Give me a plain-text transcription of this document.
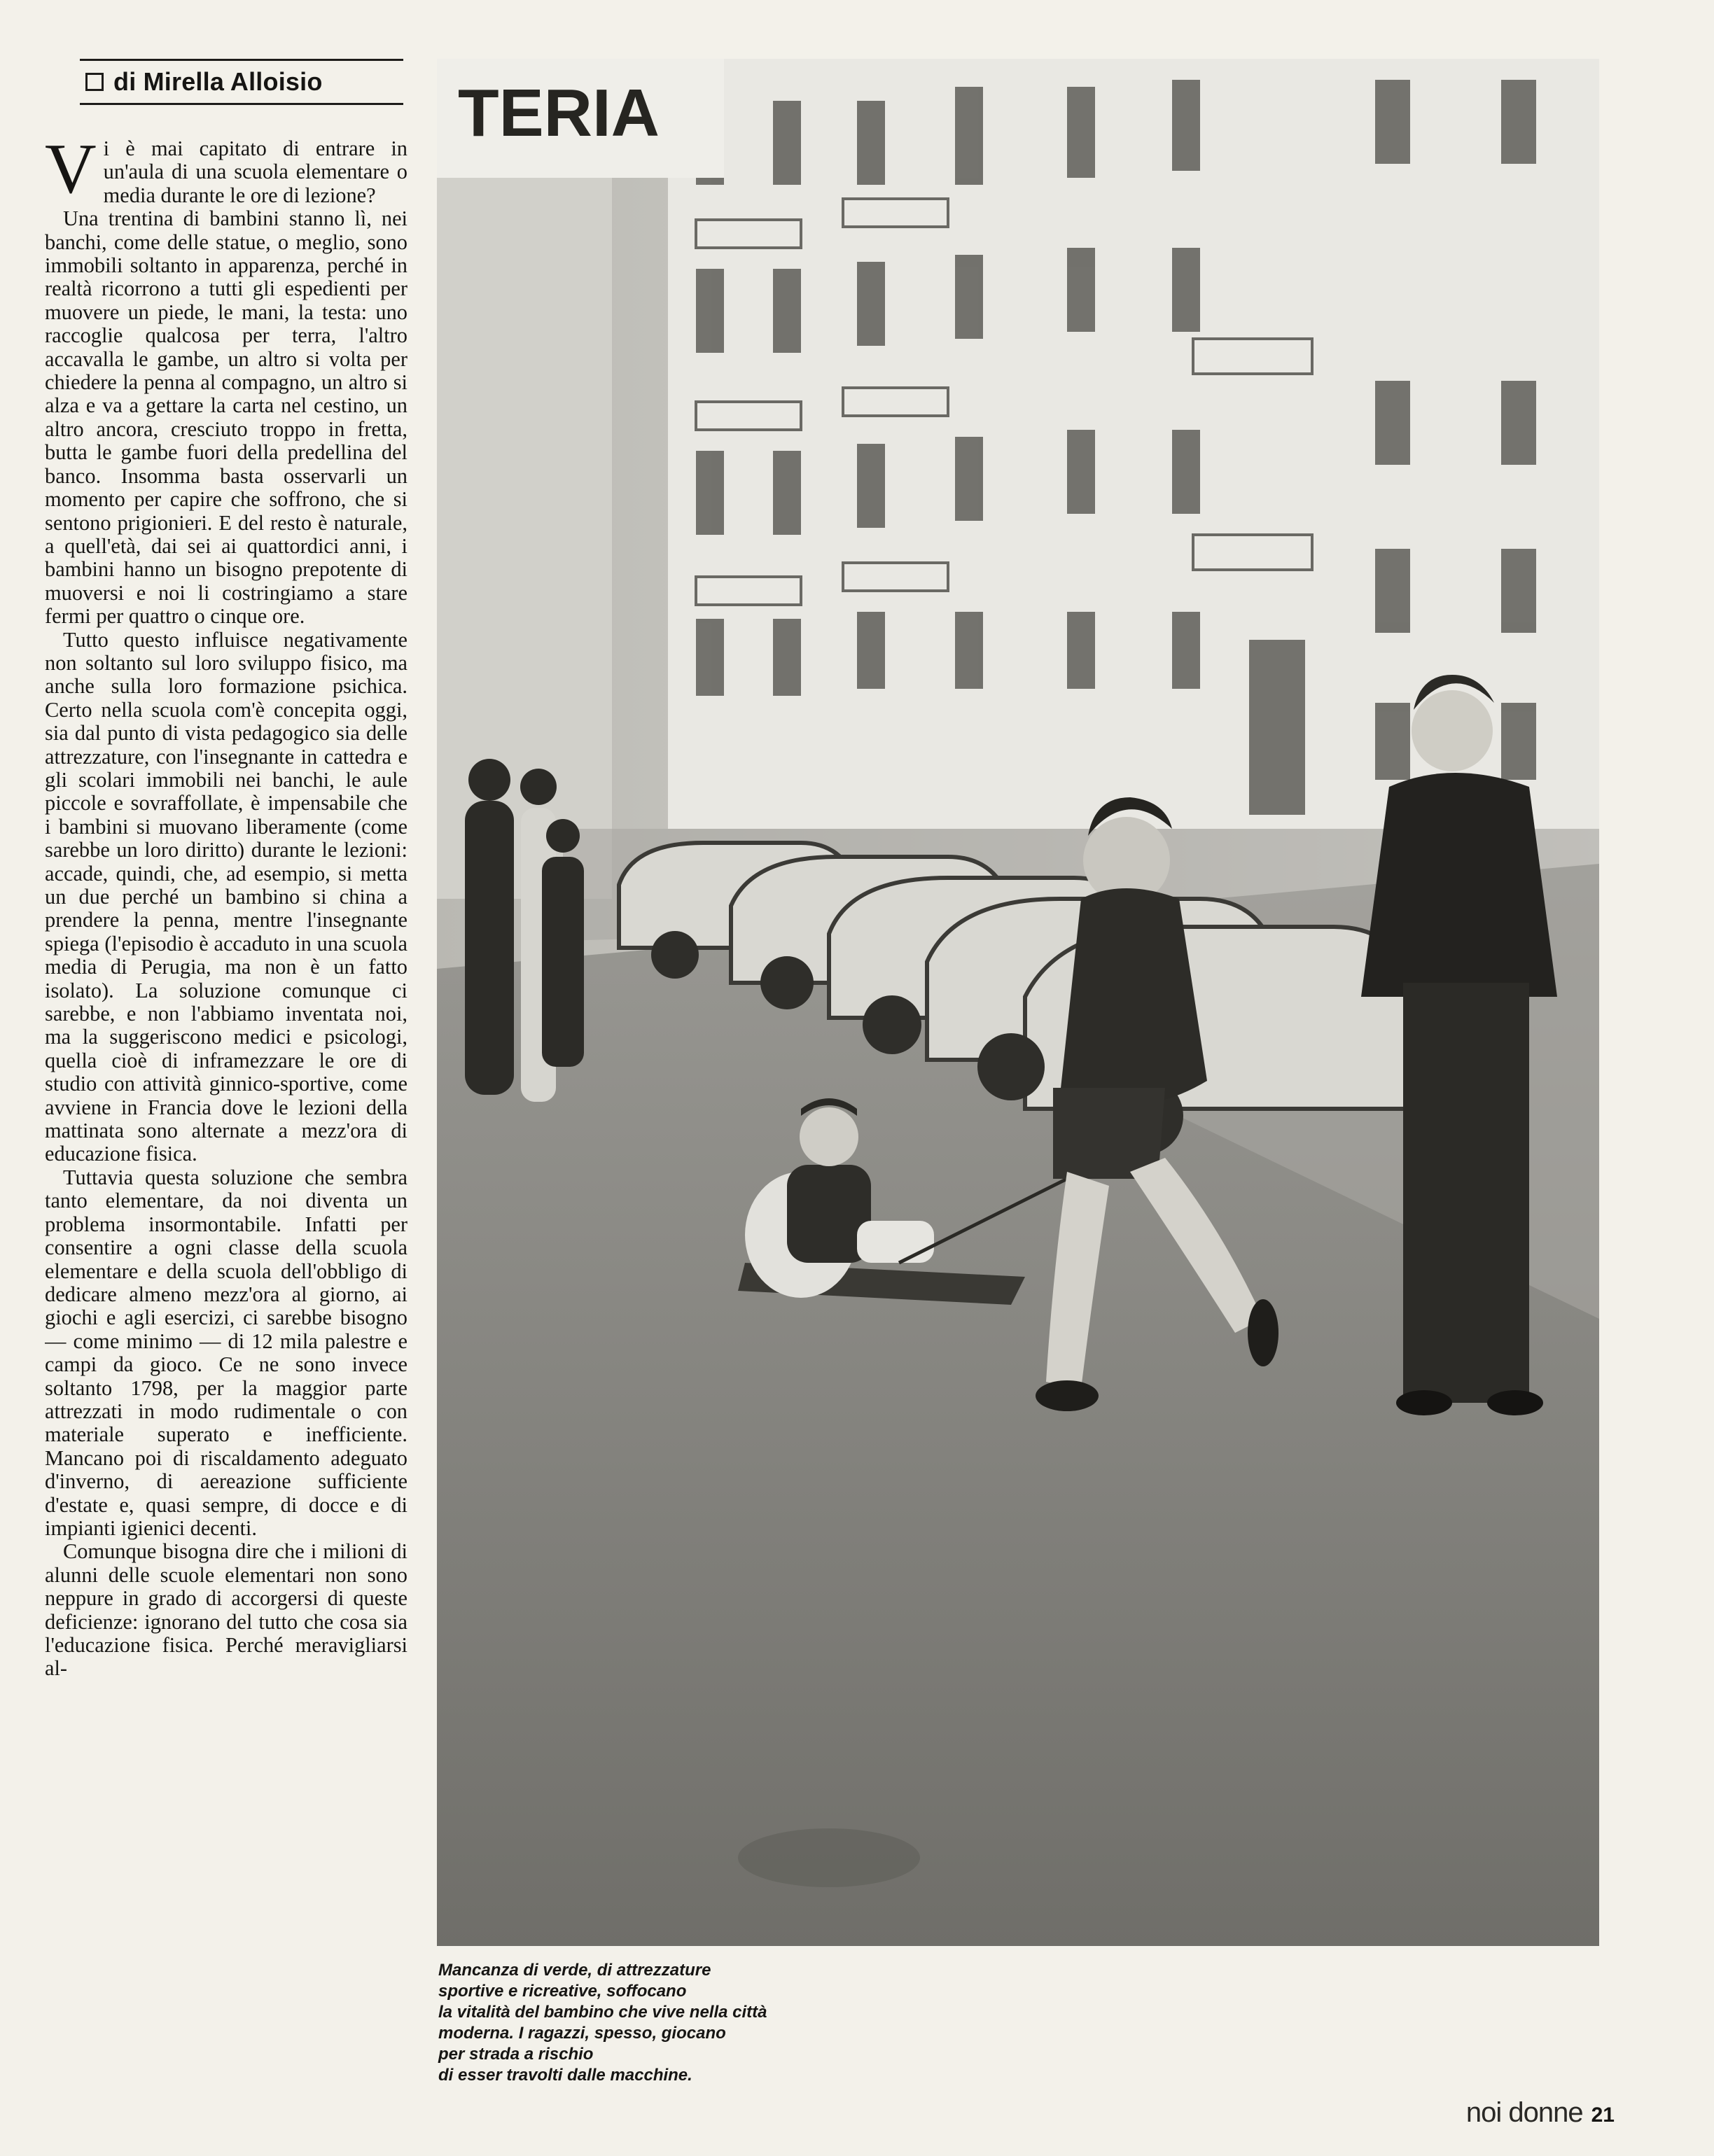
di Mirella Alloisio

Vi è mai capitato di entrare in un'aula di una scuola elementare o media durante le ore di lezione?

Una trentina di bambini stanno lì, nei banchi, come delle statue, o meglio, sono immobili soltanto in apparenza, perché in realtà ricorrono a tutti gli espedienti per muovere un piede, le mani, la testa: uno raccoglie qualcosa per terra, l'altro accavalla le gambe, un altro si volta per chiedere la penna al compagno, un altro si alza e va a gettare la carta nel cestino, un altro ancora, cresciuto troppo in fretta, butta le gambe fuori della predellina del banco. Insomma basta osservarli un momento per capire che soffrono, che si sentono prigionieri. E del resto è naturale, a quell'età, dai sei ai quattordici anni, i bambini hanno un bisogno prepotente di muoversi e noi li costringiamo a stare fermi per quattro o cinque ore.

Tutto questo influisce negativamente non soltanto sul loro sviluppo fisico, ma anche sulla loro formazione psichica. Certo nella scuola com'è concepita oggi, sia dal punto di vista pedagogico sia delle attrezzature, con l'insegnante in cattedra e gli scolari immobili nei banchi, le aule piccole e sovraffollate, è impensabile che i bambini si muovano liberamente (come sarebbe un loro diritto) durante le lezioni: accade, quindi, che, ad esempio, si metta un due perché un bambino si china a prendere la penna, mentre l'insegnante spiega (l'episodio è accaduto in una scuola media di Perugia, ma non è un fatto isolato). La soluzione comunque ci sarebbe, e non l'abbiamo inventata noi, ma la suggeriscono medici e psicologi, quella cioè di inframezzare le ore di studio con attività ginnico-sportive, come avviene in Francia dove le lezioni della mattinata sono alternate a mezz'ora di educazione fisica.

Tuttavia questa soluzione che sembra tanto elementare, da noi diventa un problema insormontabile. Infatti per consentire a ogni classe della scuola elementare e della scuola dell'obbligo di dedicare almeno mezz'ora al giorno, ai giochi e agli esercizi, ci sarebbe bisogno — come minimo — di 12 mila palestre e campi da gioco. Ce ne sono invece soltanto 1798, per la maggior parte attrezzati in modo rudimentale o con materiale superato e inefficiente. Mancano poi di riscaldamento adeguato d'inverno, di aereazione sufficiente d'estate e, quasi sempre, di docce e di impianti igienici decenti.

Comunque bisogna dire che i milioni di alunni delle scuole elementari non sono neppure in grado di accorgersi di queste deficienze: ignorano del tutto che cosa sia l'educazione fisica. Perché meravigliarsi al-

TERIA
Mancanza di verde, di attrezzature
sportive e ricreative, soffocano
la vitalità del bambino che vive nella città
moderna. I ragazzi, spesso, giocano
per strada a rischio
di esser travolti dalle macchine.
noi donne 21
